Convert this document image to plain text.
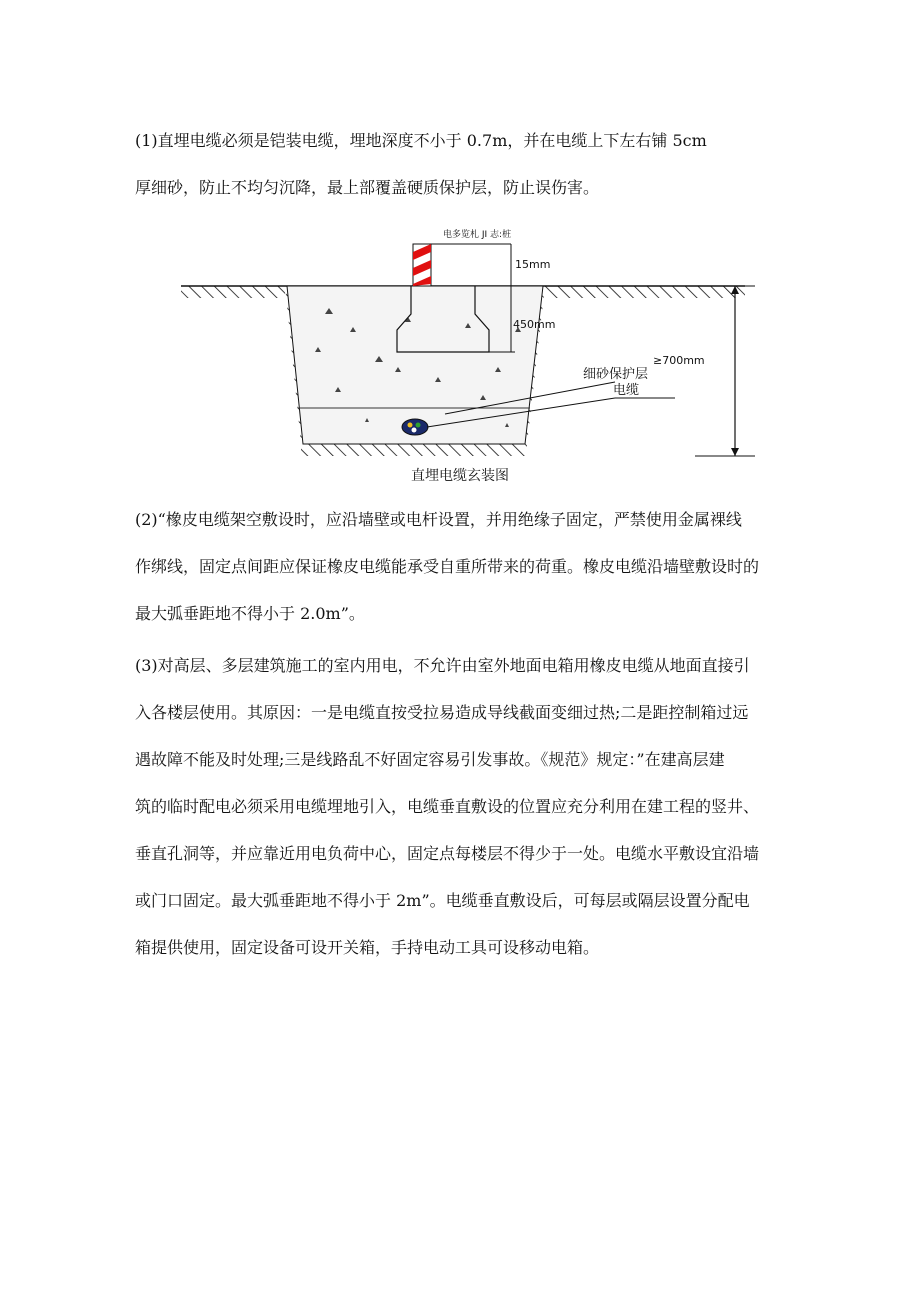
(1)直埋电缆必须是铠装电缆，埋地深度不小于 0.7m，并在电缆上下左右铺 5cm
厚细砂，防止不均匀沉降，最上部覆盖硬质保护层，防止误伤害。
电多览札 JI 志:桩
15mm
450mm
≥700mm
细砂保护层
电缆
直埋电缆玄装图
(2)“橡皮电缆架空敷设时，应沿墙壁或电杆设置，并用绝缘子固定，严禁使用金属裸线
作绑线，固定点间距应保证橡皮电缆能承受自重所带来的荷重。橡皮电缆沿墙壁敷设时的
最大弧垂距地不得小于 2.0m”。
(3)对高层、多层建筑施工的室内用电，不允许由室外地面电箱用橡皮电缆从地面直接引
入各楼层使用。其原因：一是电缆直按受拉易造成导线截面变细过热;二是距控制箱过远
遇故障不能及时处理;三是线路乱不好固定容易引发事故。《规范》规定：”在建高层建
筑的临时配电必须采用电缆埋地引入，电缆垂直敷设的位置应充分利用在建工程的竖井、
垂直孔洞等，并应靠近用电负荷中心，固定点每楼层不得少于一处。电缆水平敷设宜沿墙
或门口固定。最大弧垂距地不得小于 2m”。电缆垂直敷设后，可每层或隔层设置分配电
箱提供使用，固定设备可设开关箱，手持电动工具可设移动电箱。
